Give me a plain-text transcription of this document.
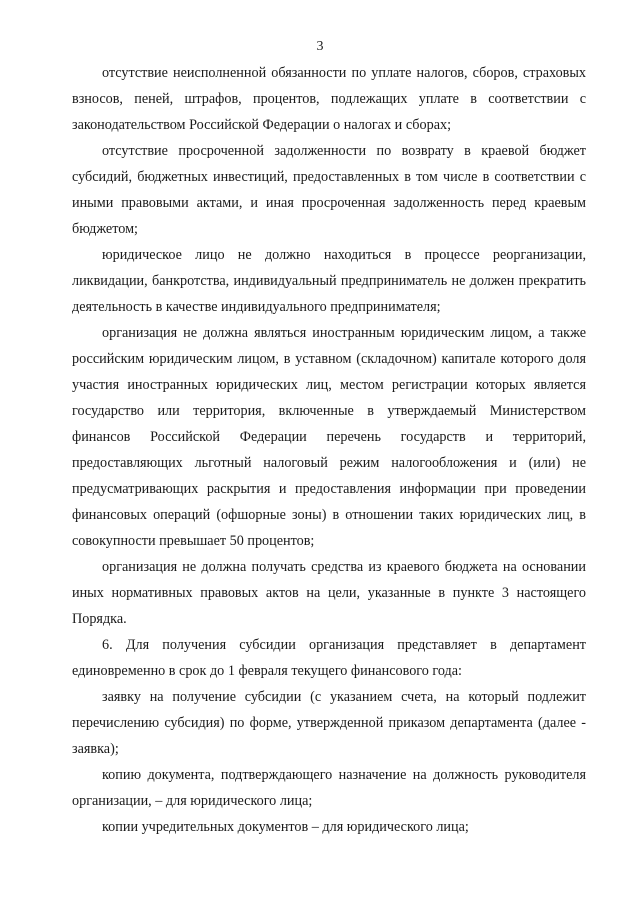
3

отсутствие неисполненной обязанности по уплате налогов, сборов, страховых взносов, пеней, штрафов, процентов, подлежащих уплате в соответствии с законодательством Российской Федерации о налогах и сборах;

отсутствие просроченной задолженности по возврату в краевой бюджет субсидий, бюджетных инвестиций, предоставленных в том числе в соответствии с иными правовыми актами, и иная просроченная задолженность перед краевым бюджетом;

юридическое лицо не должно находиться в процессе реорганизации, ликвидации, банкротства, индивидуальный предприниматель не должен прекратить деятельность в качестве индивидуального предпринимателя;

организация не должна являться иностранным юридическим лицом, а также российским юридическим лицом, в уставном (складочном) капитале которого доля участия иностранных юридических лиц, местом регистрации которых является государство или территория, включенные в утверждаемый Министерством финансов Российской Федерации перечень государств и территорий, предоставляющих льготный налоговый режим налогообложения и (или) не предусматривающих раскрытия и предоставления информации при проведении финансовых операций (офшорные зоны) в отношении таких юридических лиц, в совокупности превышает 50 процентов;

организация не должна получать средства из краевого бюджета на основании иных нормативных правовых актов на цели, указанные в пункте 3 настоящего Порядка.

6. Для получения субсидии организация представляет в департамент единовременно в срок до 1 февраля текущего финансового года:

заявку на получение субсидии (с указанием счета, на который подлежит перечислению субсидия) по форме, утвержденной приказом департамента (далее - заявка);

копию документа, подтверждающего назначение на должность руководителя организации, – для юридического лица;

копии учредительных документов – для юридического лица;
